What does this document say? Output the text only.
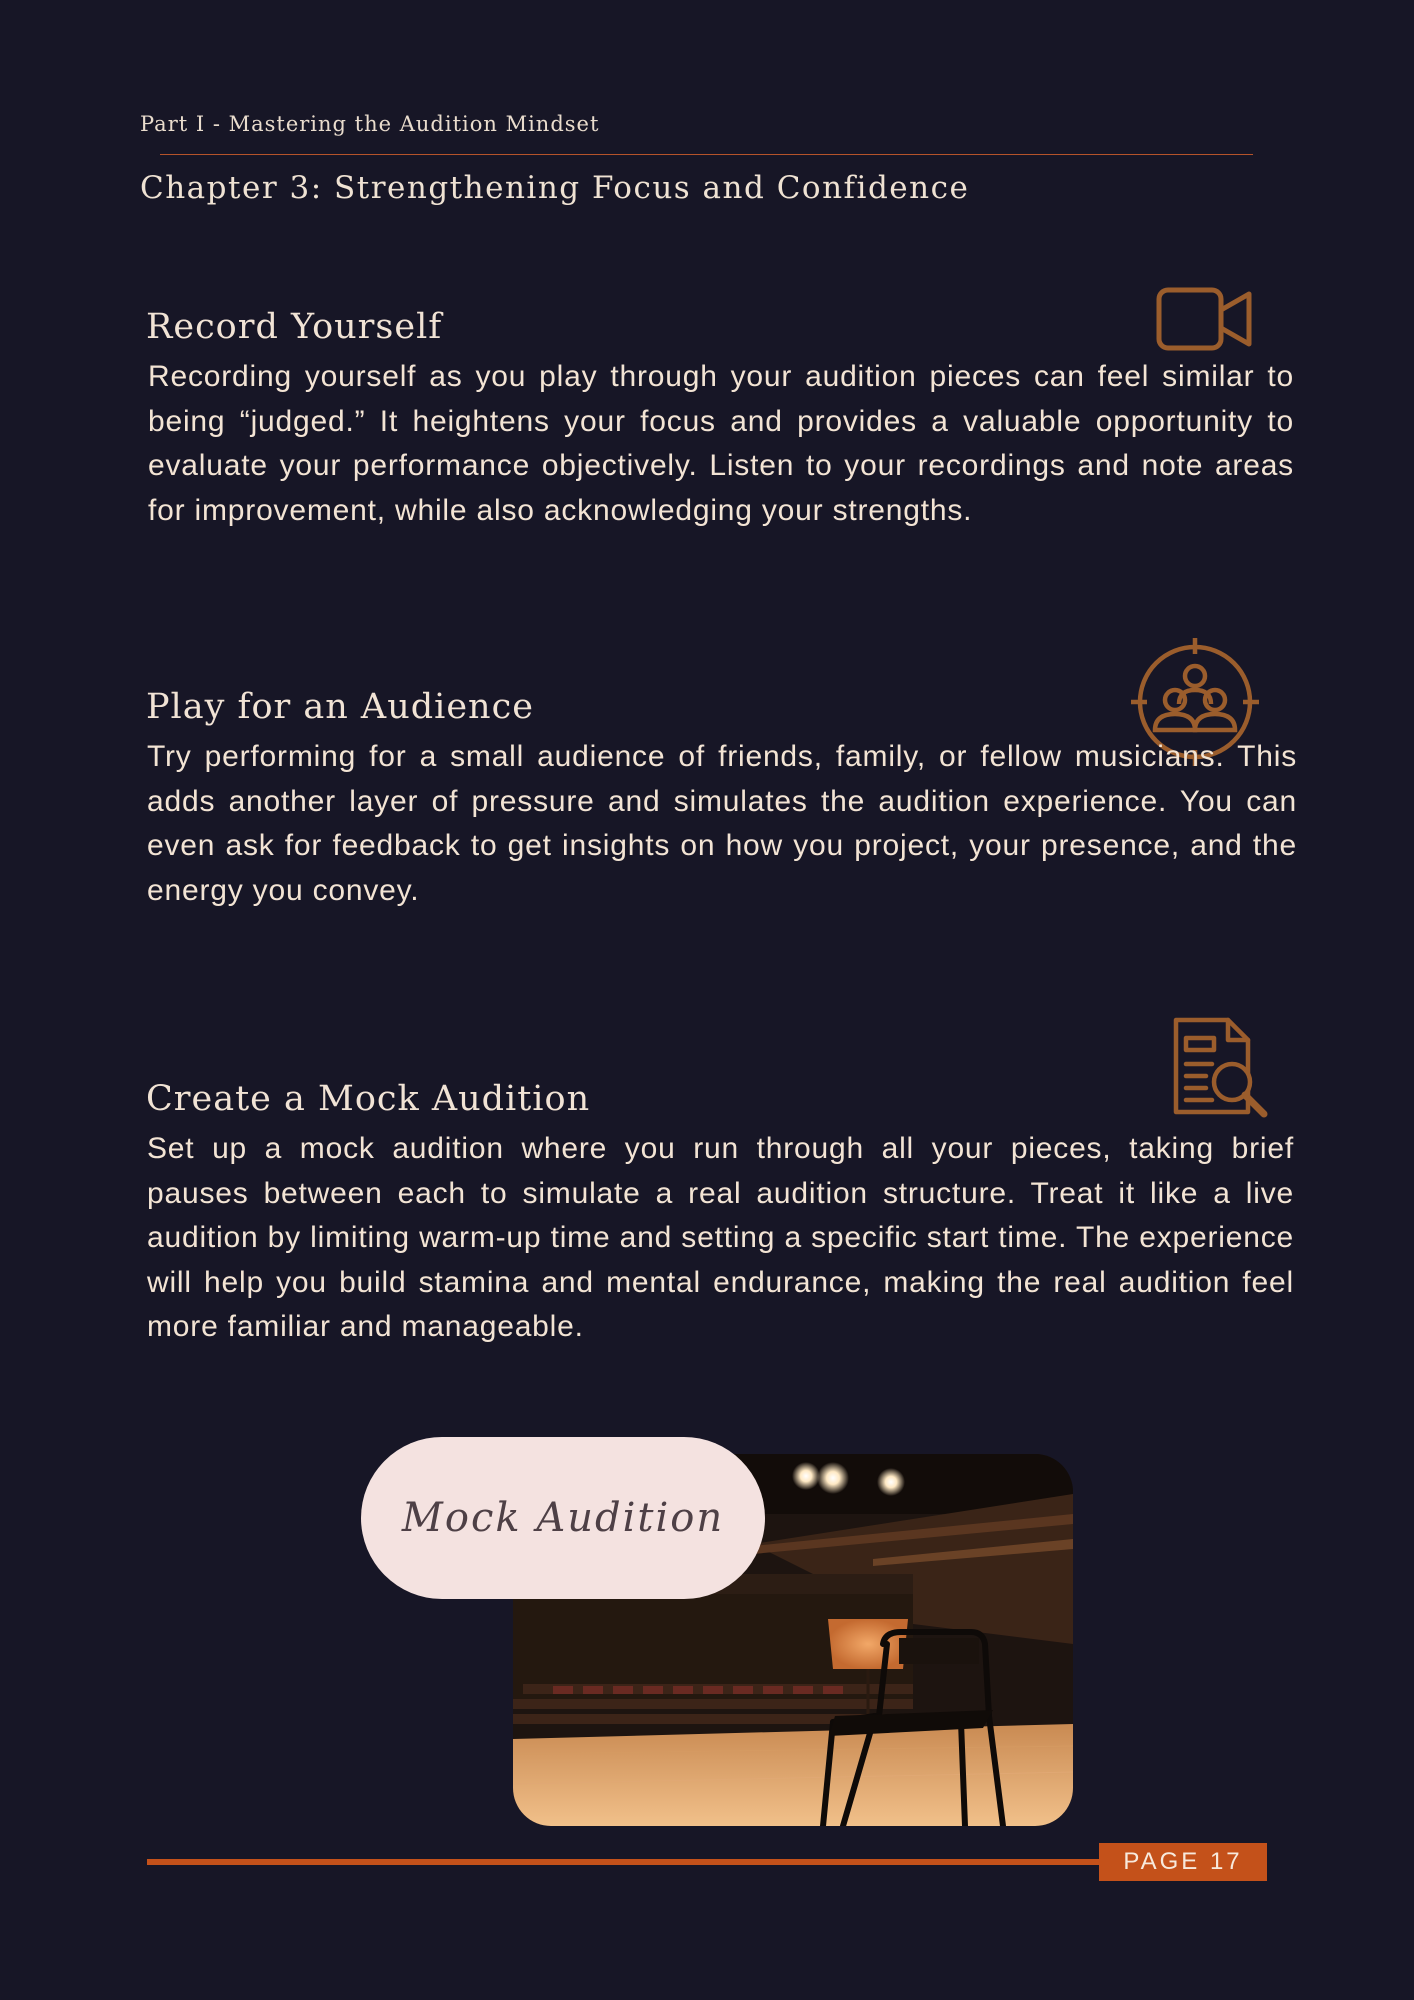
Part I - Mastering the Audition Mindset
Chapter 3: Strengthening Focus and Confidence
Record Yourself
Recording yourself as you play through your audition pieces can feel similar to being “judged.” It heightens your focus and provides a valuable opportunity to evaluate your performance objectively. Listen to your recordings and note areas for improvement, while also acknowledging your strengths.
Play for an Audience
Try performing for a small audience of friends, family, or fellow musicians. This adds another layer of pressure and simulates the audition experience. You can even ask for feedback to get insights on how you project, your presence, and the energy you convey.
Create a Mock Audition
Set up a mock audition where you run through all your pieces, taking brief pauses between each to simulate a real audition structure. Treat it like a live audition by limiting warm-up time and setting a specific start time. The experience will help you build stamina and mental endurance, making the real audition feel more familiar and manageable.
Mock Audition
PAGE 17
